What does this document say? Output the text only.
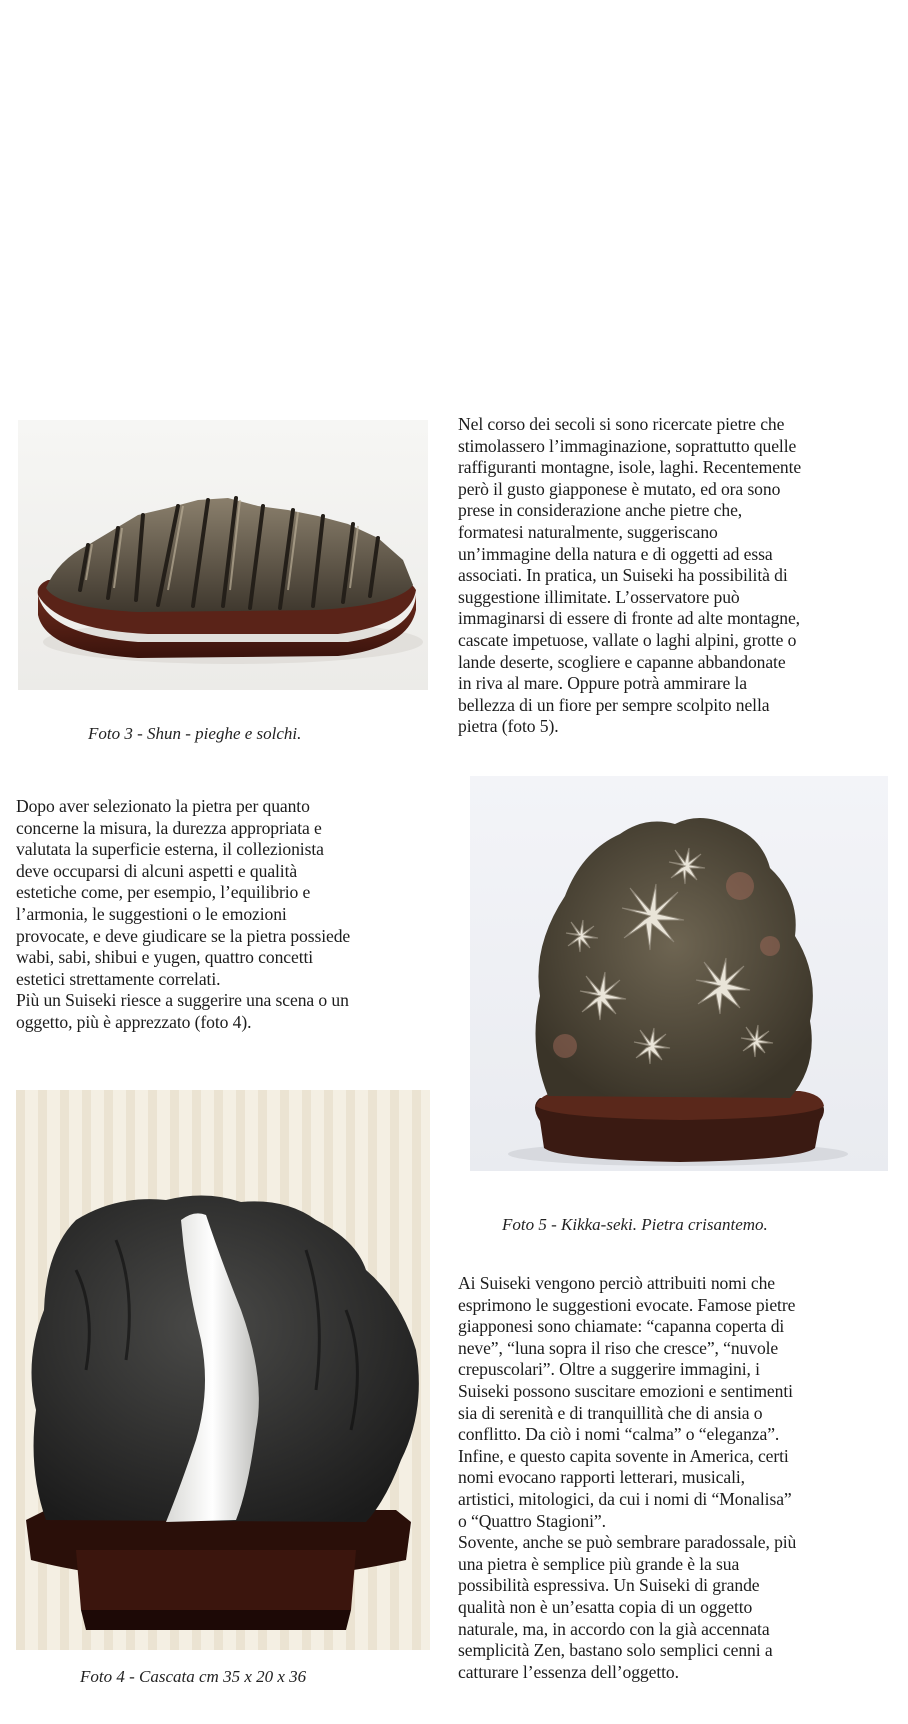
Foto 3 - Shun - pieghe e solchi.

Nel corso dei secoli si sono ricercate pietre che

stimolassero l’immaginazione, soprattutto quelle

raffiguranti montagne, isole, laghi. Recentemente

però il gusto giapponese è mutato, ed ora sono

prese in considerazione anche pietre che,

formatesi naturalmente, suggeriscano

un’immagine della natura e di oggetti ad essa

associati. In pratica, un Suiseki ha possibilità di

suggestione illimitate. L’osservatore può

immaginarsi di essere di fronte ad alte montagne,

cascate impetuose, vallate o laghi alpini, grotte o

lande deserte, scogliere e capanne abbandonate

in riva al mare. Oppure potrà ammirare la

bellezza di un fiore per sempre scolpito nella

pietra (foto 5).

Dopo aver selezionato la pietra per quanto

concerne la misura, la durezza appropriata e

valutata la superficie esterna, il collezionista

deve occuparsi di alcuni aspetti e qualità

estetiche come, per esempio, l’equilibrio e

l’armonia, le suggestioni o le emozioni

provocate, e deve giudicare se la pietra possiede

wabi, sabi, shibui e yugen, quattro concetti

estetici strettamente correlati.

Più un Suiseki riesce a suggerire una scena o un

oggetto, più è apprezzato (foto 4).

Foto 5 - Kikka-seki. Pietra crisantemo.
Foto 4 - Cascata cm 35 x 20 x 36

Ai Suiseki vengono perciò attribuiti nomi che

esprimono le suggestioni evocate. Famose pietre

giapponesi sono chiamate: “capanna coperta di

neve”, “luna sopra il riso che cresce”, “nuvole

crepuscolari”. Oltre a suggerire immagini, i

Suiseki possono suscitare emozioni e sentimenti

sia di serenità e di tranquillità che di ansia o

conflitto. Da ciò i nomi “calma” o “eleganza”.

Infine, e questo capita sovente in America, certi

nomi evocano rapporti letterari, musicali,

artistici, mitologici, da cui i nomi di “Monalisa”

o “Quattro Stagioni”.

Sovente, anche se può sembrare paradossale, più

una pietra è semplice più grande è la sua

possibilità espressiva. Un Suiseki di grande

qualità non è un’esatta copia di un oggetto

naturale, ma, in accordo con la già accennata

semplicità Zen, bastano solo semplici cenni a

catturare l’essenza dell’oggetto.
